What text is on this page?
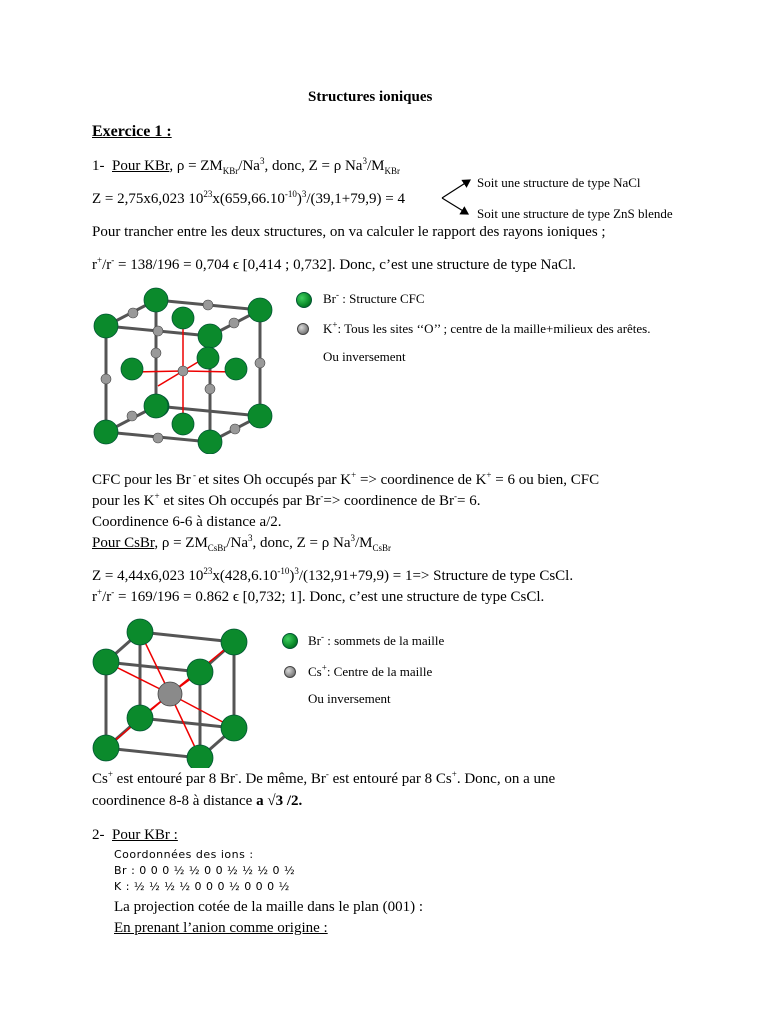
Structures ioniques
Exercice 1 :
1- Pour KBr, $\rho = ZM_{KBr}/Na^3$, donc, Z = ρ $Na^3/M_{KBr}$
Soit une structure de type NaCl
Z = 2,75x6,023 $10^{23}x(659,66.10^{-10})^3/(39,1+79,9) = 4$
Soit une structure de type ZnS blende
Pour trancher entre les deux structures, on va calculer le rapport des rayons ioniques ;
r+/r- = 138/196 = 0,704 ϵ [0,414 ; 0,732]. Donc, c’est une structure de type NaCl.
Br- : Structure CFC
K+: Tous les sites ‘‘O’’ ; centre de la maille+milieux des arêtes.
Ou inversement
CFC pour les Br - et sites Oh occupés par K+ => coordinence de K+ = 6 ou bien, CFC
pour les K+ et sites Oh occupés par Br-=> coordinence de Br-= 6.
Coordinence 6-6 à distance a/2.
Pour CsBr, $\rho = ZM_{CsBr}/Na^3$, donc, Z = ρ $Na^3/M_{CsBr}$
Z = 4,44x6,023 $10^{23}x(428,6.10^{-10})^3/(132,91+79,9) = 1=>$ Structure de type CsCl.
r+/r- = 169/196 = 0.862 ϵ [0,732; 1]. Donc, c’est une structure de type CsCl.
Br- : sommets de la maille
Cs+: Centre de la maille
Ou inversement
Cs+ est entouré par 8 Br-. De même, Br- est entouré par 8 Cs+. Donc, on a une
coordinence 8-8 à distance a √3 /2.
2- Pour KBr :
Coordonnées des ions :
Br : 0 0 0 ½ ½ 0 0 ½ ½ ½ 0 ½
K : ½ ½ ½ ½ 0 0 0 ½ 0 0 0 ½
La projection cotée de la maille dans le plan (001) :
En prenant l’anion comme origine :
